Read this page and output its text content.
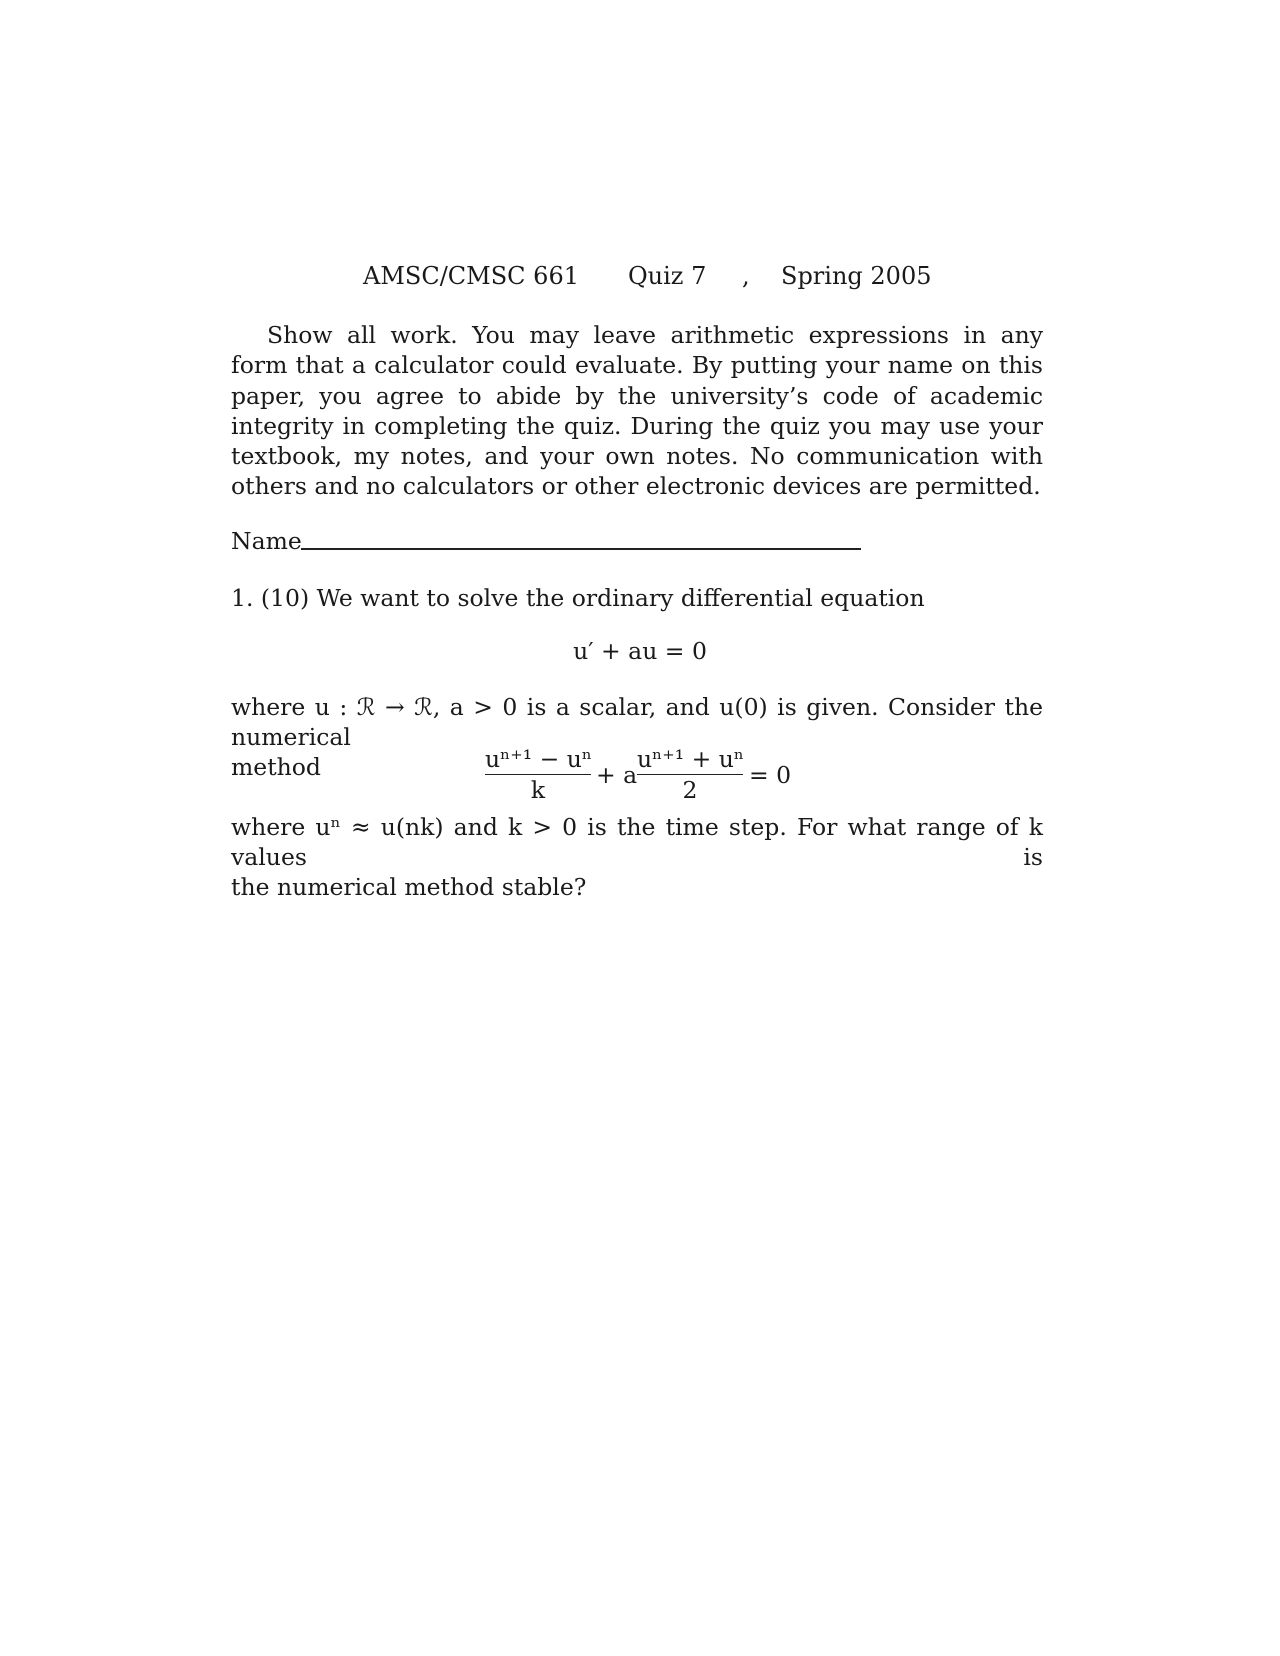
AMSC/CMSC 661 Quiz 7 , Spring 2005

Show all work. You may leave arithmetic expressions in any form that a calculator could evaluate. By putting your name on this paper, you agree to abide by the university’s code of academic integrity in completing the quiz. During the quiz you may use your textbook, my notes, and your own notes. No communication with others and no calculators or other electronic devices are permitted.

Name

1. (10) We want to solve the ordinary differential equation

u′ + au = 0

where u : ℛ → ℛ, a > 0 is a scalar, and u(0) is given. Consider the numerical
method	uⁿ⁺¹ − uⁿ
k
+ a
uⁿ⁺¹ + uⁿ
2
= 0

where uⁿ ≈ u(nk) and k > 0 is the time step. For what range of k values is
the numerical method stable?
